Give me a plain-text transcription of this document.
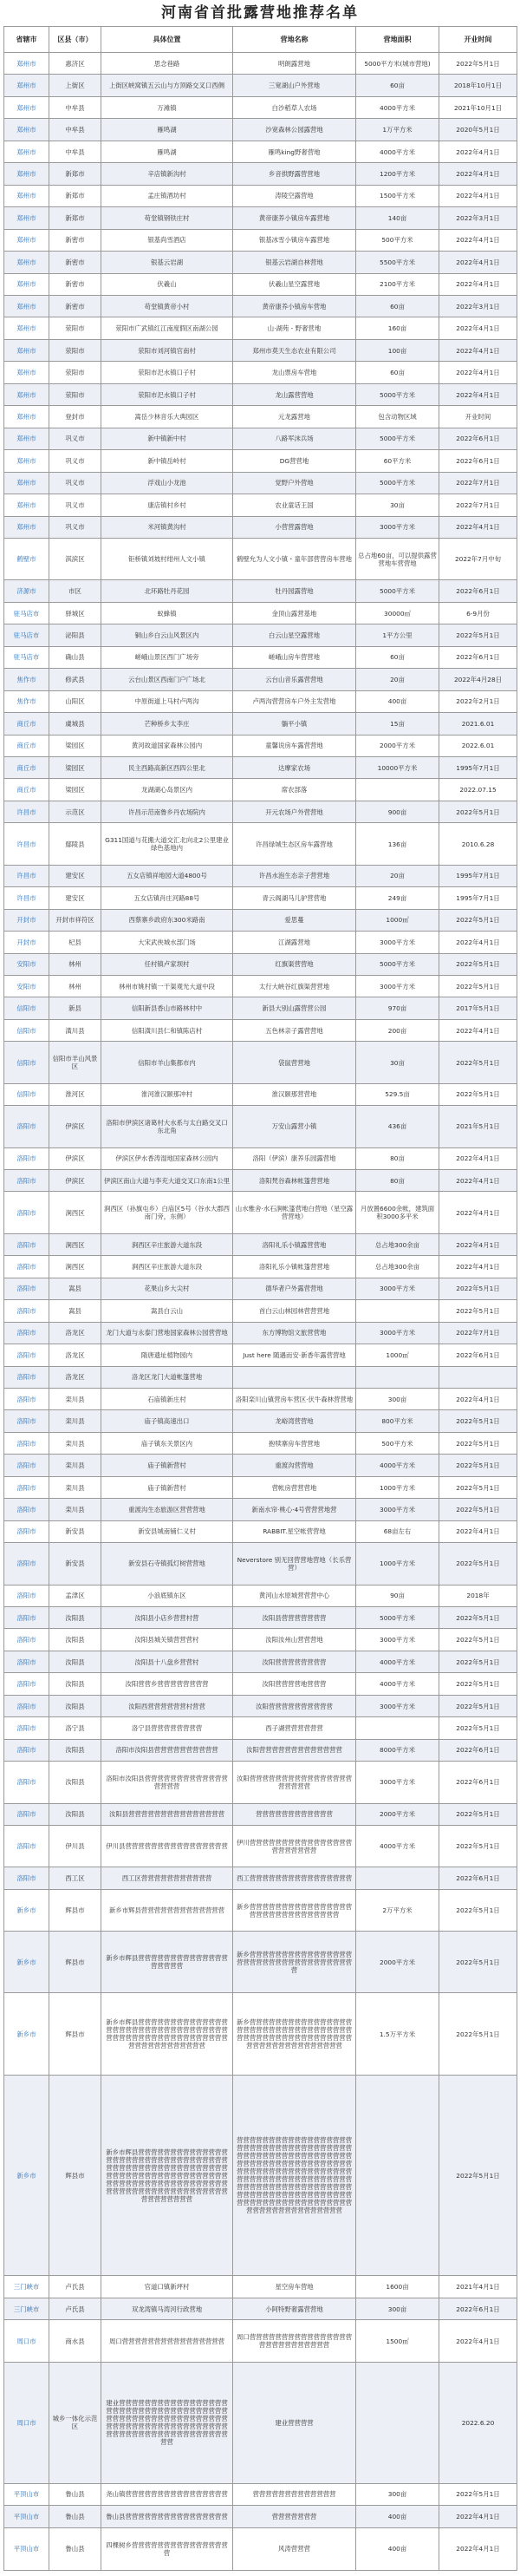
河南省首批露营地推荐名单
省辖市	区县（市）	具体位置	营地名称	营地面积	开业时间
郑州市	惠济区	思念巷路	明朗露营地	5000平方米(城市营地)	2022年5月1日
郑州市	上街区	上街区峡窝镇五云山与方顶路交叉口西侧	三宽湖山户外营地	60亩	2018年10月1日
郑州市	中牟县	万滩镇	白沙稻草人农场	4000平方米	2021年10月1日
郑州市	中牟县	雁鸣湖	沙宽森林公园露营地	1万平方米	2020年5月1日
郑州市	中牟县	雁鸣湖	雁鸣king野奢营地	4000平方米	2022年4月1日
郑州市	新郑市	辛店镇新沟村	乡音拱野露营营地	1200平方米	2022年4月1日
郑州市	新郑市	孟庄镇酒坊村	涛陵空露营地	1500平方米	2022年4月1日
郑州市	新郑市	苟堂镇钢铁庄村	黄帝康养小镇房车露营地	140亩	2022年3月1日
郑州市	新密市	银基尚雪酒店	银基冰雪小镇房车露营地	500平方米	2022年4月1日
郑州市	新密市	银基云岩湖	银基云岩湖自林营地	5500平方米	2022年4月1日
郑州市	新密市	伏羲山	伏羲山星空露营地	2100平方米	2022年4月1日
郑州市	新密市	苟堂镇黄帝小村	黄帝康养小镇房车营地	60亩	2022年3月1日
郑州市	荥阳市	荥阳市广武镇红江南度假区南湖公园	山·湖苑 - 野奢营地	160亩	2022年4月1日
郑州市	荥阳市	荥阳市刘河镇官南村	郑州市莫天生态农业有限公司	100亩	2022年4月1日
郑州市	荥阳市	荥阳市汜水镇口子村	龙山票房车营地	60亩	2022年4月1日
郑州市	荥阳市	荥阳市汜水镇口子村	龙山露营营地	5000平方米	2022年4月1日
郑州市	登封市	嵩岳少林音乐大典园区	元龙露营地	包含动物区域	开业时间
郑州市	巩义市	新中镇新中村	八路军沫兵场	5000平方米	2022年6月1日
郑州市	巩义市	新中镇岳岭村	DG营营地	60平方米	2022年6月1日
郑州市	巩义市	浮戏山小龙池	觉野户外营地	5000平方米	2022年7月1日
郑州市	巩义市	康店镇村乡村	农业童话王国	30亩	2022年7月1日
郑州市	巩义市	米河镇黄沟村	小营营露营地	3000平方米	2022年4月1日
鹤壁市	淇滨区	钜桥镇刘坡村绀州人文小镇	鹤壁允为人文小镇・童年部营营房车营地	总占地60亩，可以提供露营营地车营营地	2022年7月中旬
济源市	市区	北环路牡丹花园	牡丹园露营地	5000平方米	2022年6月1日
驻马店市	驿城区	蚁蜂镇	金顶山露营基地	30000㎡	6-9月份
驻马店市	泌阳县	铜山乡白云山风景区内	白云山星空露营地	1平方公里	2022年5月1日
驻马店市	确山县	嵯峨山景区西门广场旁	嵯峨山房车营营地	60亩	2022年6月1日
焦作市	修武县	云台山景区西南门户广场北	云台山音乐露营营地	20亩	2022年4月28日
焦作市	山阳区	中原街道上马村卢两沟	卢两沟营营房车户外主发营地	400亩	2022年2月1日
商丘市	虞城县	芒种桥乡太李庄	躺平小镇	15亩	2021.6.01
商丘市	梁园区	黄河故道国家森林公园内	童馨说房车露营营地	2000平方米	2022.6.01
商丘市	梁园区	民主西路高新区西四公里北	达摩家农场	10000平方米	1995年7月1日
商丘市	梁园区	龙湖湖心岛景区内	席农部落		2022.07.15
许昌市	示范区	许昌示范南鲁乡丹农场院内	开元农场户外营营地	900亩	2022年5月1日
许昌市	鄢陵县	G311国道与花搬大道交汇北向北2公里建业绿色基地内	许昌绿城生态区房车露营地	136亩	2010.6.28
许昌市	建安区	五女店镇祥地园大道4800号	许昌水泡生态亲子营营地	20亩	1995年7月1日
许昌市	建安区	五女店镇肖庄河路88号	青云阁湖马儿驴营营地	249亩	1995年7月1日
开封市	开封市祥符区	西蔡寨乡政府东300米路南	爱思蔓	1000㎡	2022年5月1日
开封市	杞县	大宋武侠城水部门场	江湖露营地	3000平方米	2022年4月1日
安阳市	林州	任村镇卢家坝村	红旗渠营营地	5000平方米	2022年5月1日
安阳市	林州	林州市姚村镇一干渠观光大道中段	太行大峡谷红旗渠营营地	3000平方米	2022年5月1日
信阳市	新县	信阳新县香山市路林村中	新县大别山露营营公园	970亩	2017年5月1日
信阳市	潢川县	信阳潢川县仁和镇陈店村	五色林亲子露营营地	200亩	2022年4月1日
信阳市	信阳市羊山风景区	信阳市羊山集都市内	袋鼠营营地	30亩	2022年5月1日
信阳市	淮河区	淮河淮汉颐那冲村	淮汉颐那营营地	529.5亩	2022年5月1日
洛阳市	伊滨区	洛阳市伊滨区诸葛村大水系与太白路交叉口东北角	万安山露营小镇	436亩	2021年5月1日
洛阳市	伊滨区	伊滨区伊水香涛湿地国家森林公园内	洛阳（伊滨）康养乐园露营地	80亩	2022年4月1日
洛阳市	伊滨区	伊滨区南山大道与李充大道交叉口东南1公里	洛阳梵谷森林帐篷营营地	80亩	2022年4月1日
洛阳市	涧西区	涧西区（孙旗屯乡）白庙区5号（谷水大郡西南门旁，东侧）	山水雅舍·水石涧帐篷营地白营地（星空露营营地）	月放置6600余帐，建筑面积3000多平米	2022年4月1日
洛阳市	涧西区	涧西区辛庄旅游大道东段	洛阳礼乐小镇露营营地	总占地300余亩	2022年4月1日
洛阳市	涧西区	涧西区辛庄旅游大道东段	洛阳礼乐小镇帐篷营营地	总占地300余亩	2022年4月1日
洛阳市	嵩县	花果山乡大尖村	德华者户外露营营地	3000平方米	2022年5月1日
洛阳市	嵩县	嵩县白云山	首白云山林园林营营营地		2022年5月1日
洛阳市	洛龙区	龙门大道与永泰门营地国家森林公园营营地	东方博物馆文旅营营地	3000平方米	2022年7月1日
洛阳市	洛龙区	隋唐遗址植物园内	Just here 随遇而安·新香年露营营地	1000㎡	2022年6月1日
洛阳市	洛龙区	洛龙区龙门大道帐篷营地			
洛阳市	栾川县	石庙镇新庄村	洛阳栾川山镇营房车营区·伏牛森林营营地	300亩	2022年4月1日
洛阳市	栾川县	庙子镇高速出口	龙峪湾营营地	800平方米	2022年5月1日
洛阳市	栾川县	庙子镇东关景区内	抱犊寨房车营营地	500平方米	2022年5月1日
洛阳市	栾川县	庙子镇新营村	重渡沟营营地	4000平方米	2022年5月1日
洛阳市	栾川县	庙子镇新营村	营帐房营营营地	1000平方米	2022年5月1日
洛阳市	栾川县	重渡沟生态旅游区营营营地	新南水帘·桃心·4号营营营地营	3000平方米	2022年5月1日
洛阳市	新安县	新安县城南铺仁义村	RABBIT.星空帐营营地	68亩左右	2022年4月1日
洛阳市	新安县	新安县石寺镇孤灯树营营地	Neverstore 别无回营营地营地（长乐营营）	1000平方米	2022年5月1日
洛阳市	孟津区	小浪底镇东区	黄河山水原城营营营中心	90亩	2018年
洛阳市	汝阳县	汝阳县小店乡营营村营	汝阳县营营营营营营营	5000平方米	2022年5月1日
洛阳市	汝阳县	汝阳县城关镇营营营村	汝阳汝州山营营营地	3000平方米	2022年5月1日
洛阳市	汝阳县	汝阳县十八盘乡营营村	汝阳营营营营营营营营	4000平方米	2022年5月1日
洛阳市	汝阳县	汝阳营营乡营营营营营营营营	汝阳营营营营地营营营	4000平方米	2022年5月1日
洛阳市	汝阳县	汝阳西营营营营营营村营营	汝阳营营营营营营营营营营	3000平方米	2022年5月1日
洛阳市	洛宁县	洛宁县营营营营营营营营	西子湖营营营营营营		2022年5月1日
洛阳市	汝阳县	洛阳市汝阳县营营营营营营营营营营	汝阳营营营营营营营营营营营营营	8000平方米	2022年6月1日
洛阳市	汝阳县	洛阳市汝阳县营营营营营营营营营营营营营营营营营	汝阳营营营营营营营营营营营营营营营营营营营营营	3000平方米	2022年6月1日
洛阳市	汝阳县	汝阳县营营营营营营营营营营营营营营营	营营营营营营营营营营营营	2000平方米	2022年5月1日
洛阳市	伊川县	伊川县营营营营营营营营营营营营营营营营	伊川营营营营营营营营营营营营营营营营营营营营营营营	4000平方米	2022年5月1日
洛阳市	西工区	西工区营营营营营营营营营营营	西工营营营营营营营营营营营营营营营营		2022年6月1日
新乡市	辉县市	新乡市辉县营营营营营营营营营营营营营	新乡营营营营营营营营营营营营营营营营营营营营营营营营营营营营营营	2万平方米	2022年5月1日
新乡市	辉县市	新乡市辉县营营营营营营营营营营营营营营营营营营营	新乡营营营营营营营营营营营营营营营营营营营营营营营营营营营营营营营营营营营	2000平方米	2022年5月1日
新乡市	辉县市	新乡市辉县营营营营营营营营营营营营营营营营营营营营营营营营营营营营营营营营营营营营营营营营营营营营营营营营营营营营营营营营营营营营营营营营	新乡营营营营营营营营营营营营营营营营营营营营营营营营营营营营营营营营营营营营营营营营营营营营营营营营营营营营营营营营营营营营营营营营营营营	1.5万平方米	2022年5月1日
新乡市	辉县市	新乡市辉县营营营营营营营营营营营营营营营营营营营营营营营营营营营营营营营营营营营营营营营营营营营营营营营营营营营营营营营营营营营营营营营营营营营营营营营营营营营营营营营营营营营营营营营营营营营营营营营营营营营营营营营营营营营营营营营营营营营营营	营营营营营营营营营营营营营营营营营营营营营营营营营营营营营营营营营营营营营营营营营营营营营营营营营营营营营营营营营营营营营营营营营营营营营营营营营营营营营营营营营营营营营营营营营营营营营营营营营营营营营营营营营营营营营营营营营营营营营营营营营营营营营营营营营营营营营营营营营营营营营营营营营营营营营营营营营营营营营营营营营营营营营营营营营营营营营营营营营		2022年5月1日
三门峡市	卢氏县	官道口镇新坪村	星空房车营地	1600亩	2021年4月1日
三门峡市	卢氏县	双龙湾镇马湾河行政营地	小阿特野奢露营营地	300亩	2022年6月1日
周口市	商水县	周口营营营营营营营营营营营营营营营营	周口营营营营营营营营营营营营营营营营营营营营营营营营营营营	1500㎡	2022年4月1日
周口市	城乡一体化示范区	建业营营营营营营营营营营营营营营营营营营营营营营营营营营营营营营营营营营营营营营营营营营营营营营营营营营营营营营营营营营营营营营营营营营营营营营营营营营营营营营营营营营营营营营营营营营营营营营营	建业营营营营		2022.6.20
平顶山市	鲁山县	尧山镇营营营营营营营营营营营营营营营营	营营营营营营营营营营营营营	300亩	2022年5月1日
平顶山市	鲁山县	鲁山县营营营营营营营营营营营营营营营营	营营营营营营营	400亩	2022年4月1日
平顶山市	鲁山县	四棵树乡营营营营营营营营营营营营营营营营	风涛营营营	400亩	2022年4月1日
